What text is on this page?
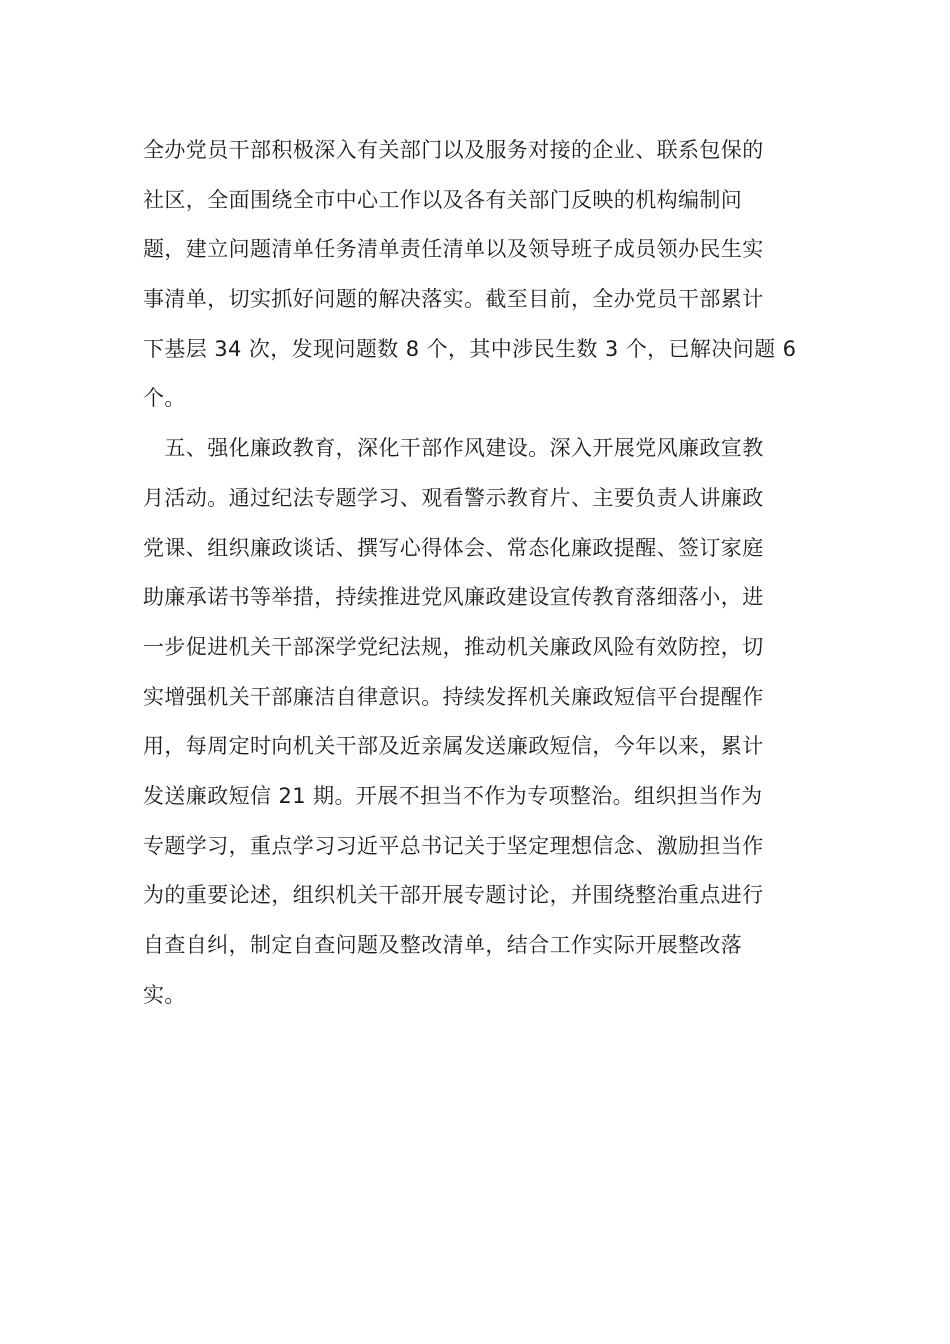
全办党员干部积极深入有关部门以及服务对接的企业、联系包保的
社区，全面围绕全市中心工作以及各有关部门反映的机构编制问
题，建立问题清单任务清单责任清单以及领导班子成员领办民生实
事清单，切实抓好问题的解决落实。截至目前，全办党员干部累计
下基层 34 次，发现问题数 8 个，其中涉民生数 3 个，已解决问题 6
个。
　五、强化廉政教育，深化干部作风建设。深入开展党风廉政宣教
月活动。通过纪法专题学习、观看警示教育片、主要负责人讲廉政
党课、组织廉政谈话、撰写心得体会、常态化廉政提醒、签订家庭
助廉承诺书等举措，持续推进党风廉政建设宣传教育落细落小，进
一步促进机关干部深学党纪法规，推动机关廉政风险有效防控，切
实增强机关干部廉洁自律意识。持续发挥机关廉政短信平台提醒作
用，每周定时向机关干部及近亲属发送廉政短信，今年以来，累计
发送廉政短信 21 期。开展不担当不作为专项整治。组织担当作为
专题学习，重点学习习近平总书记关于坚定理想信念、激励担当作
为的重要论述，组织机关干部开展专题讨论，并围绕整治重点进行
自查自纠，制定自查问题及整改清单，结合工作实际开展整改落
实。
